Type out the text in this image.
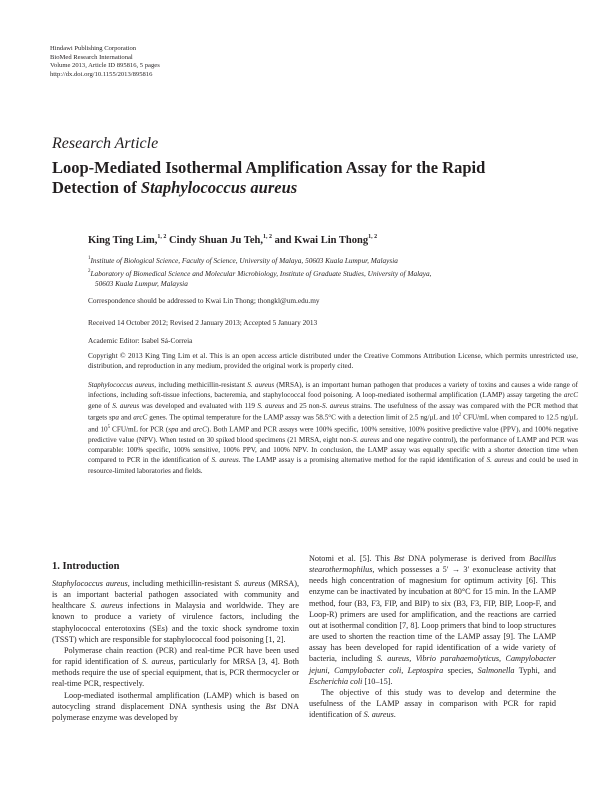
Hindawi Publishing Corporation
BioMed Research International
Volume 2013, Article ID 895816, 5 pages
http://dx.doi.org/10.1155/2013/895816
Research Article
Loop-Mediated Isothermal Amplification Assay for the Rapid
Detection of Staphylococcus aureus
King Ting Lim,$^{1, 2}$ Cindy Shuan Ju Teh,$^{1, 2}$ and Kwai Lin Thong$^{1, 2}$
$^1$Institute of Biological Science, Faculty of Science, University of Malaya, 50603 Kuala Lumpur, Malaysia
$^2$Laboratory of Biomedical Science and Molecular Microbiology, Institute of Graduate Studies, University of Malaya,
50603 Kuala Lumpur, Malaysia
Correspondence should be addressed to Kwai Lin Thong; thongkl@um.edu.my
Received 14 October 2012; Revised 2 January 2013; Accepted 5 January 2013
Academic Editor: Isabel Sá-Correia
Copyright © 2013 King Ting Lim et al. This is an open access article distributed under the Creative Commons Attribution License, which permits unrestricted use, distribution, and reproduction in any medium, provided the original work is properly cited.
Staphylococcus aureus, including methicillin-resistant S. aureus (MRSA), is an important human pathogen that produces a variety of toxins and causes a wide range of infections, including soft-tissue infections, bacteremia, and staphylococcal food poisoning. A loop-mediated isothermal amplification (LAMP) assay targeting the arcC gene of S. aureus was developed and evaluated with 119 S. aureus and 25 non-S. aureus strains. The usefulness of the assay was compared with the PCR method that targets spa and arcC genes. The optimal temperature for the LAMP assay was 58.5°C with a detection limit of 2.5 ng/μL and $10^2$ CFU/mL when compared to 12.5 ng/μL and $10^5$ CFU/mL for PCR (spa and arcC). Both LAMP and PCR assays were 100% specific, 100% sensitive, 100% positive predictive value (PPV), and 100% negative predictive value (NPV). When tested on 30 spiked blood specimens (21 MRSA, eight non-S. aureus and one negative control), the performance of LAMP and PCR was comparable: 100% specific, 100% sensitive, 100% PPV, and 100% NPV. In conclusion, the LAMP assay was equally specific with a shorter detection time when compared to PCR in the identification of S. aureus. The LAMP assay is a promising alternative method for the rapid identification of S. aureus and could be used in resource-limited laboratories and fields.
1. Introduction

Staphylococcus aureus, including methicillin-resistant S. aureus (MRSA), is an important bacterial pathogen associated with community and healthcare S. aureus infections in Malaysia and worldwide. They are known to produce a variety of virulence factors, including the staphylococcal enterotoxins (SEs) and the toxic shock syndrome toxin (TSST) which are responsible for staphylococcal food poisoning [1, 2].

Polymerase chain reaction (PCR) and real-time PCR have been used for rapid identification of S. aureus, particularly for MRSA [3, 4]. Both methods require the use of special equipment, that is, PCR thermocycler or real-time PCR, respectively.

Loop-mediated isothermal amplification (LAMP) which is based on autocycling strand displacement DNA synthesis using the Bst DNA polymerase enzyme was developed by

Notomi et al. [5]. This Bst DNA polymerase is derived from Bacillus stearothermophilus, which possesses a 5′ → 3′ exonuclease activity that needs high concentration of magnesium for optimum activity [6]. This enzyme can be inactivated by incubation at 80°C for 15 min. In the LAMP method, four (B3, F3, FIP, and BIP) to six (B3, F3, FIP, BIP, Loop-F, and Loop-R) primers are used for amplification, and the reactions are carried out at isothermal condition [7, 8]. Loop primers that bind to loop structures are used to shorten the reaction time of the LAMP assay [9]. The LAMP assay has been developed for rapid identification of a wide variety of bacteria, including S. aureus, Vibrio parahaemolyticus, Campylobacter jejuni, Campylobacter coli, Leptospira species, Salmonella Typhi, and Escherichia coli [10–15].

The objective of this study was to develop and determine the usefulness of the LAMP assay in comparison with PCR for rapid identification of S. aureus.
